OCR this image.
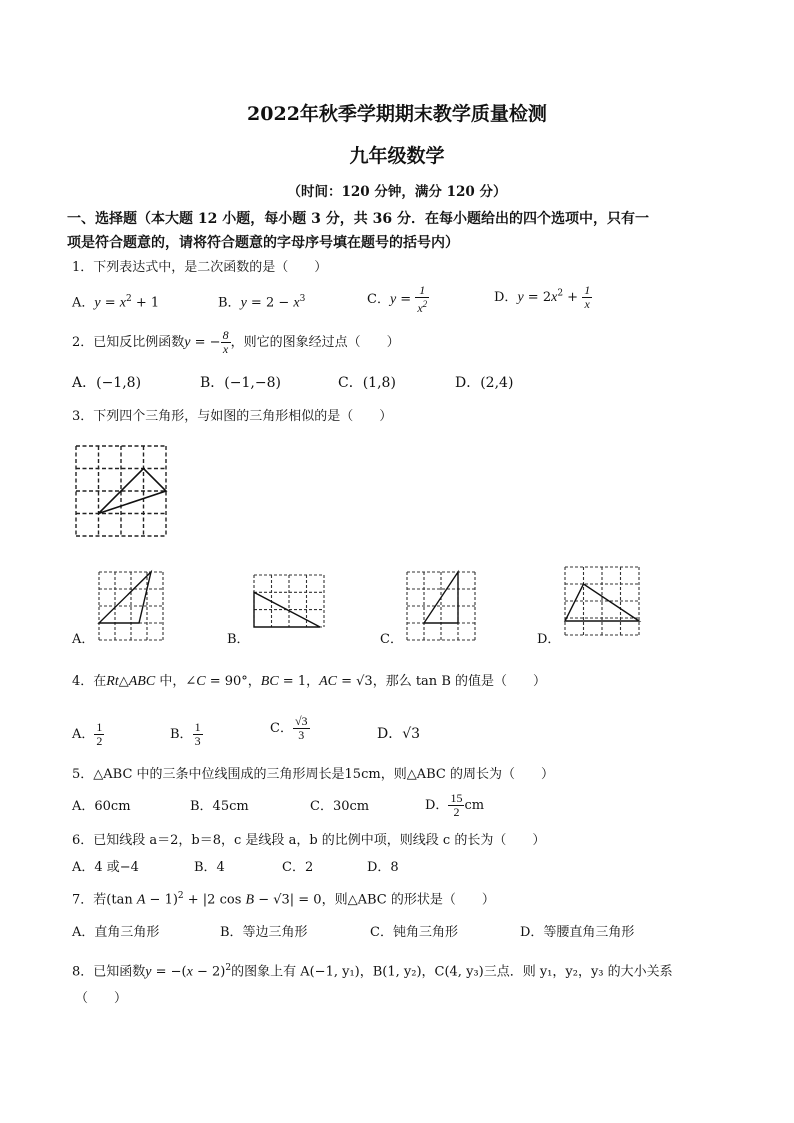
2022年秋季学期期末教学质量检测
九年级数学
（时间：120 分钟，满分 120 分）
一、选择题（本大题 12 小题，每小题 3 分，共 36 分．在每小题给出的四个选项中，只有一
项是符合题意的，请将符合题意的字母序号填在题号的括号内）
1．下列表达式中，是二次函数的是（　　）
A．$y = x^2 + 1$	B．$y = 2 - x^3$	C．$y = \frac{1}{x^2}$	D．$y = 2x^2 + \frac{1}{x}$
2．已知反比例函数y = − $\frac{8}{x}$ ，则它的图象经过点（　　）
A．(−1,8)	B．(−1,−8)	C．(1,8)	D．(2,4)
3．下列四个三角形，与如图的三角形相似的是（　　）
A．	B．	C．	D．
4．在Rt△ABC 中，∠C = 90°，BC = 1，AC = √3，那么 tan B 的值是（　　）
A． $\frac{1}{2}$	B． $\frac{1}{3}$	C． $\frac{√3}{3}$	D．√3
5．△ABC 中的三条中位线围成的三角形周长是15cm，则△ABC 的周长为（　　）
A．60cm	B．45cm	C．30cm	D． $\frac{15}{2}$ cm
6．已知线段 a＝2，b＝8，c 是线段 a，b 的比例中项，则线段 c 的长为（　　）
A．4 或−4	B．4	C．2	D．8
7．若(tan A − 1)$^2$ + |2 cos B − √3| = 0，则△ABC 的形状是（　　）
A．直角三角形	B．等边三角形	C．钝角三角形	D．等腰直角三角形
8．已知函数$y = -(x - 2)^2$的图象上有 A(−1, y₁)，B(1, y₂)，C(4, y₃)三点．则 y₁，y₂，y₃ 的大小关系
（　　）
